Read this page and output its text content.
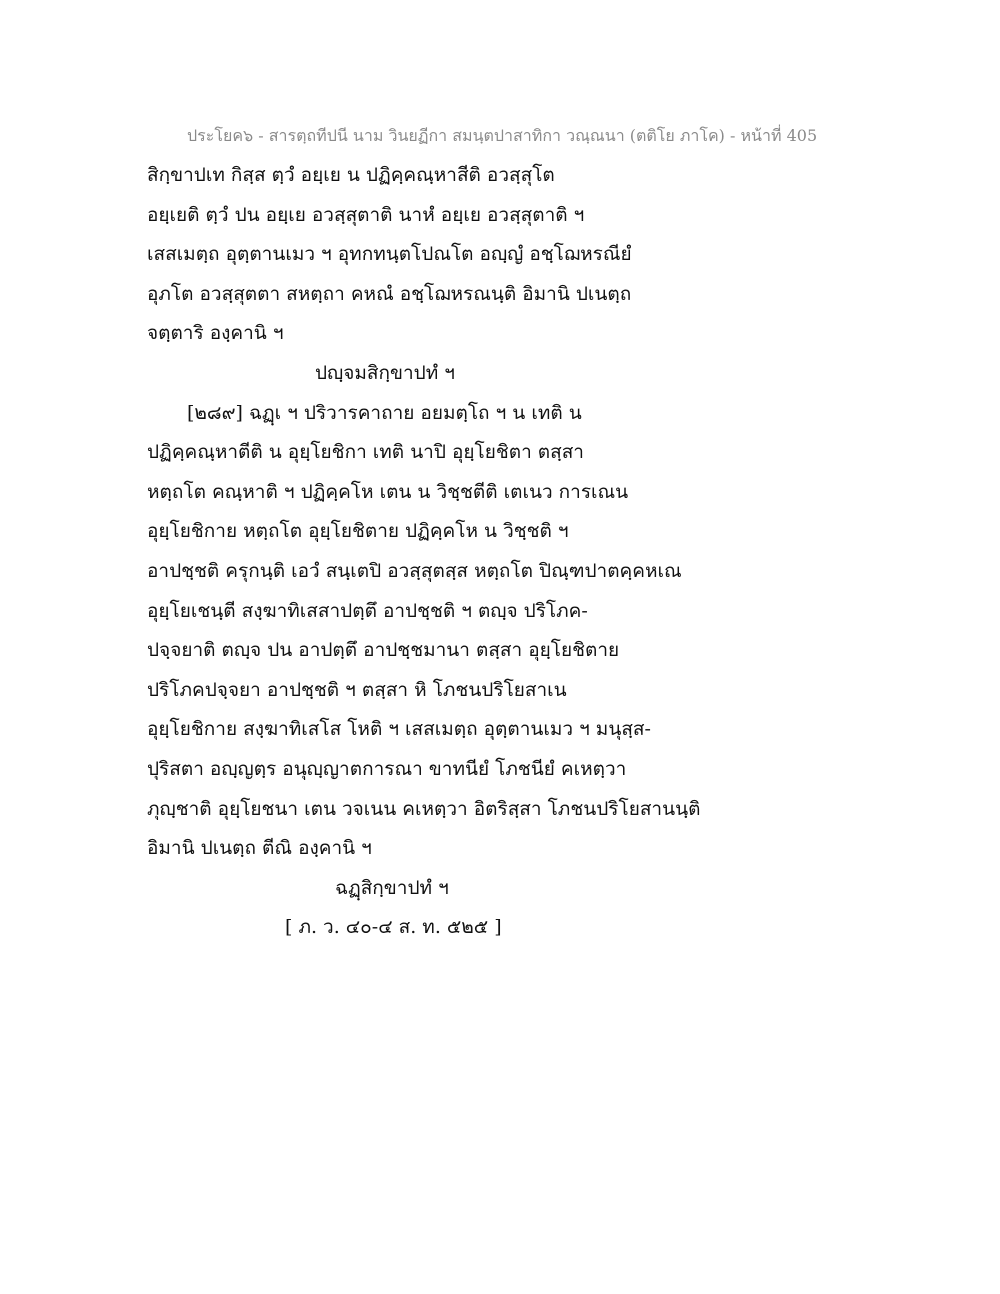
ประโยค๖ - สารตฺถทีปนี นาม วินยฏีกา สมนฺตปาสาทิกา วณฺณนา (ตติโย ภาโค) - หน้าที่ 405
สิกฺขาปเท กิสฺส ตฺวํ อยฺเย น ปฏิคฺคณฺหาสีติ อวสฺสุโต
อยฺเยติ ตฺวํ ปน อยฺเย อวสฺสุตาติ นาหํ อยฺเย อวสฺสุตาติ ฯ
เสสเมตฺถ อุตฺตานเมว ฯ อุทกทนฺตโปณโต อญฺญํ อชฺโฌหรณียํ
อุภโต อวสฺสุตตา สหตฺถา คหณํ อชฺโฌหรณนฺติ อิมานิ ปเนตฺถ
จตฺตาริ องฺคานิ ฯ
ปญฺจมสิกฺขาปทํ ฯ
[๒๘๙] ฉฏฺเ ฯ ปริวารคาถาย อยมตฺโถ ฯ น เทติ น
ปฏิคฺคณฺหาตีติ น อุยฺโยชิกา เทติ นาปิ อุยฺโยชิตา ตสฺสา
หตฺถโต คณฺหาติ ฯ ปฏิคฺคโห เตน น วิชฺชตีติ เตเนว การเณน
อุยฺโยชิกาย หตฺถโต อุยฺโยชิตาย ปฏิคฺคโห น วิชฺชติ ฯ
อาปชฺชติ ครุกนฺติ เอวํ สนฺเตปิ อวสฺสุตสฺส หตฺถโต ปิณฺฑปาตคฺคหเณ
อุยฺโยเชนฺตี สงฺฆาทิเสสาปตฺตึ อาปชฺชติ ฯ ตญฺจ ปริโภค-
ปจฺจยาติ ตญฺจ ปน อาปตฺตึ อาปชฺชมานา ตสฺสา อุยฺโยชิตาย
ปริโภคปจฺจยา อาปชฺชติ ฯ ตสฺสา หิ โภชนปริโยสาเน
อุยฺโยชิกาย สงฺฆาทิเสโส โหติ ฯ เสสเมตฺถ อุตฺตานเมว ฯ มนุสฺส-
ปุริสตา อญฺญตฺร อนุญฺญาตการณา ขาทนียํ โภชนียํ คเหตฺวา
ภุญฺชาติ อุยฺโยชนา เตน วจเนน คเหตฺวา อิตริสฺสา โภชนปริโยสานนฺติ
อิมานิ ปเนตฺถ ตีณิ องฺคานิ ฯ
ฉฏฺสิกฺขาปทํ ฯ
[ ภ. ว. ๔๐-๔ ส. ท. ๕๒๕ ]
